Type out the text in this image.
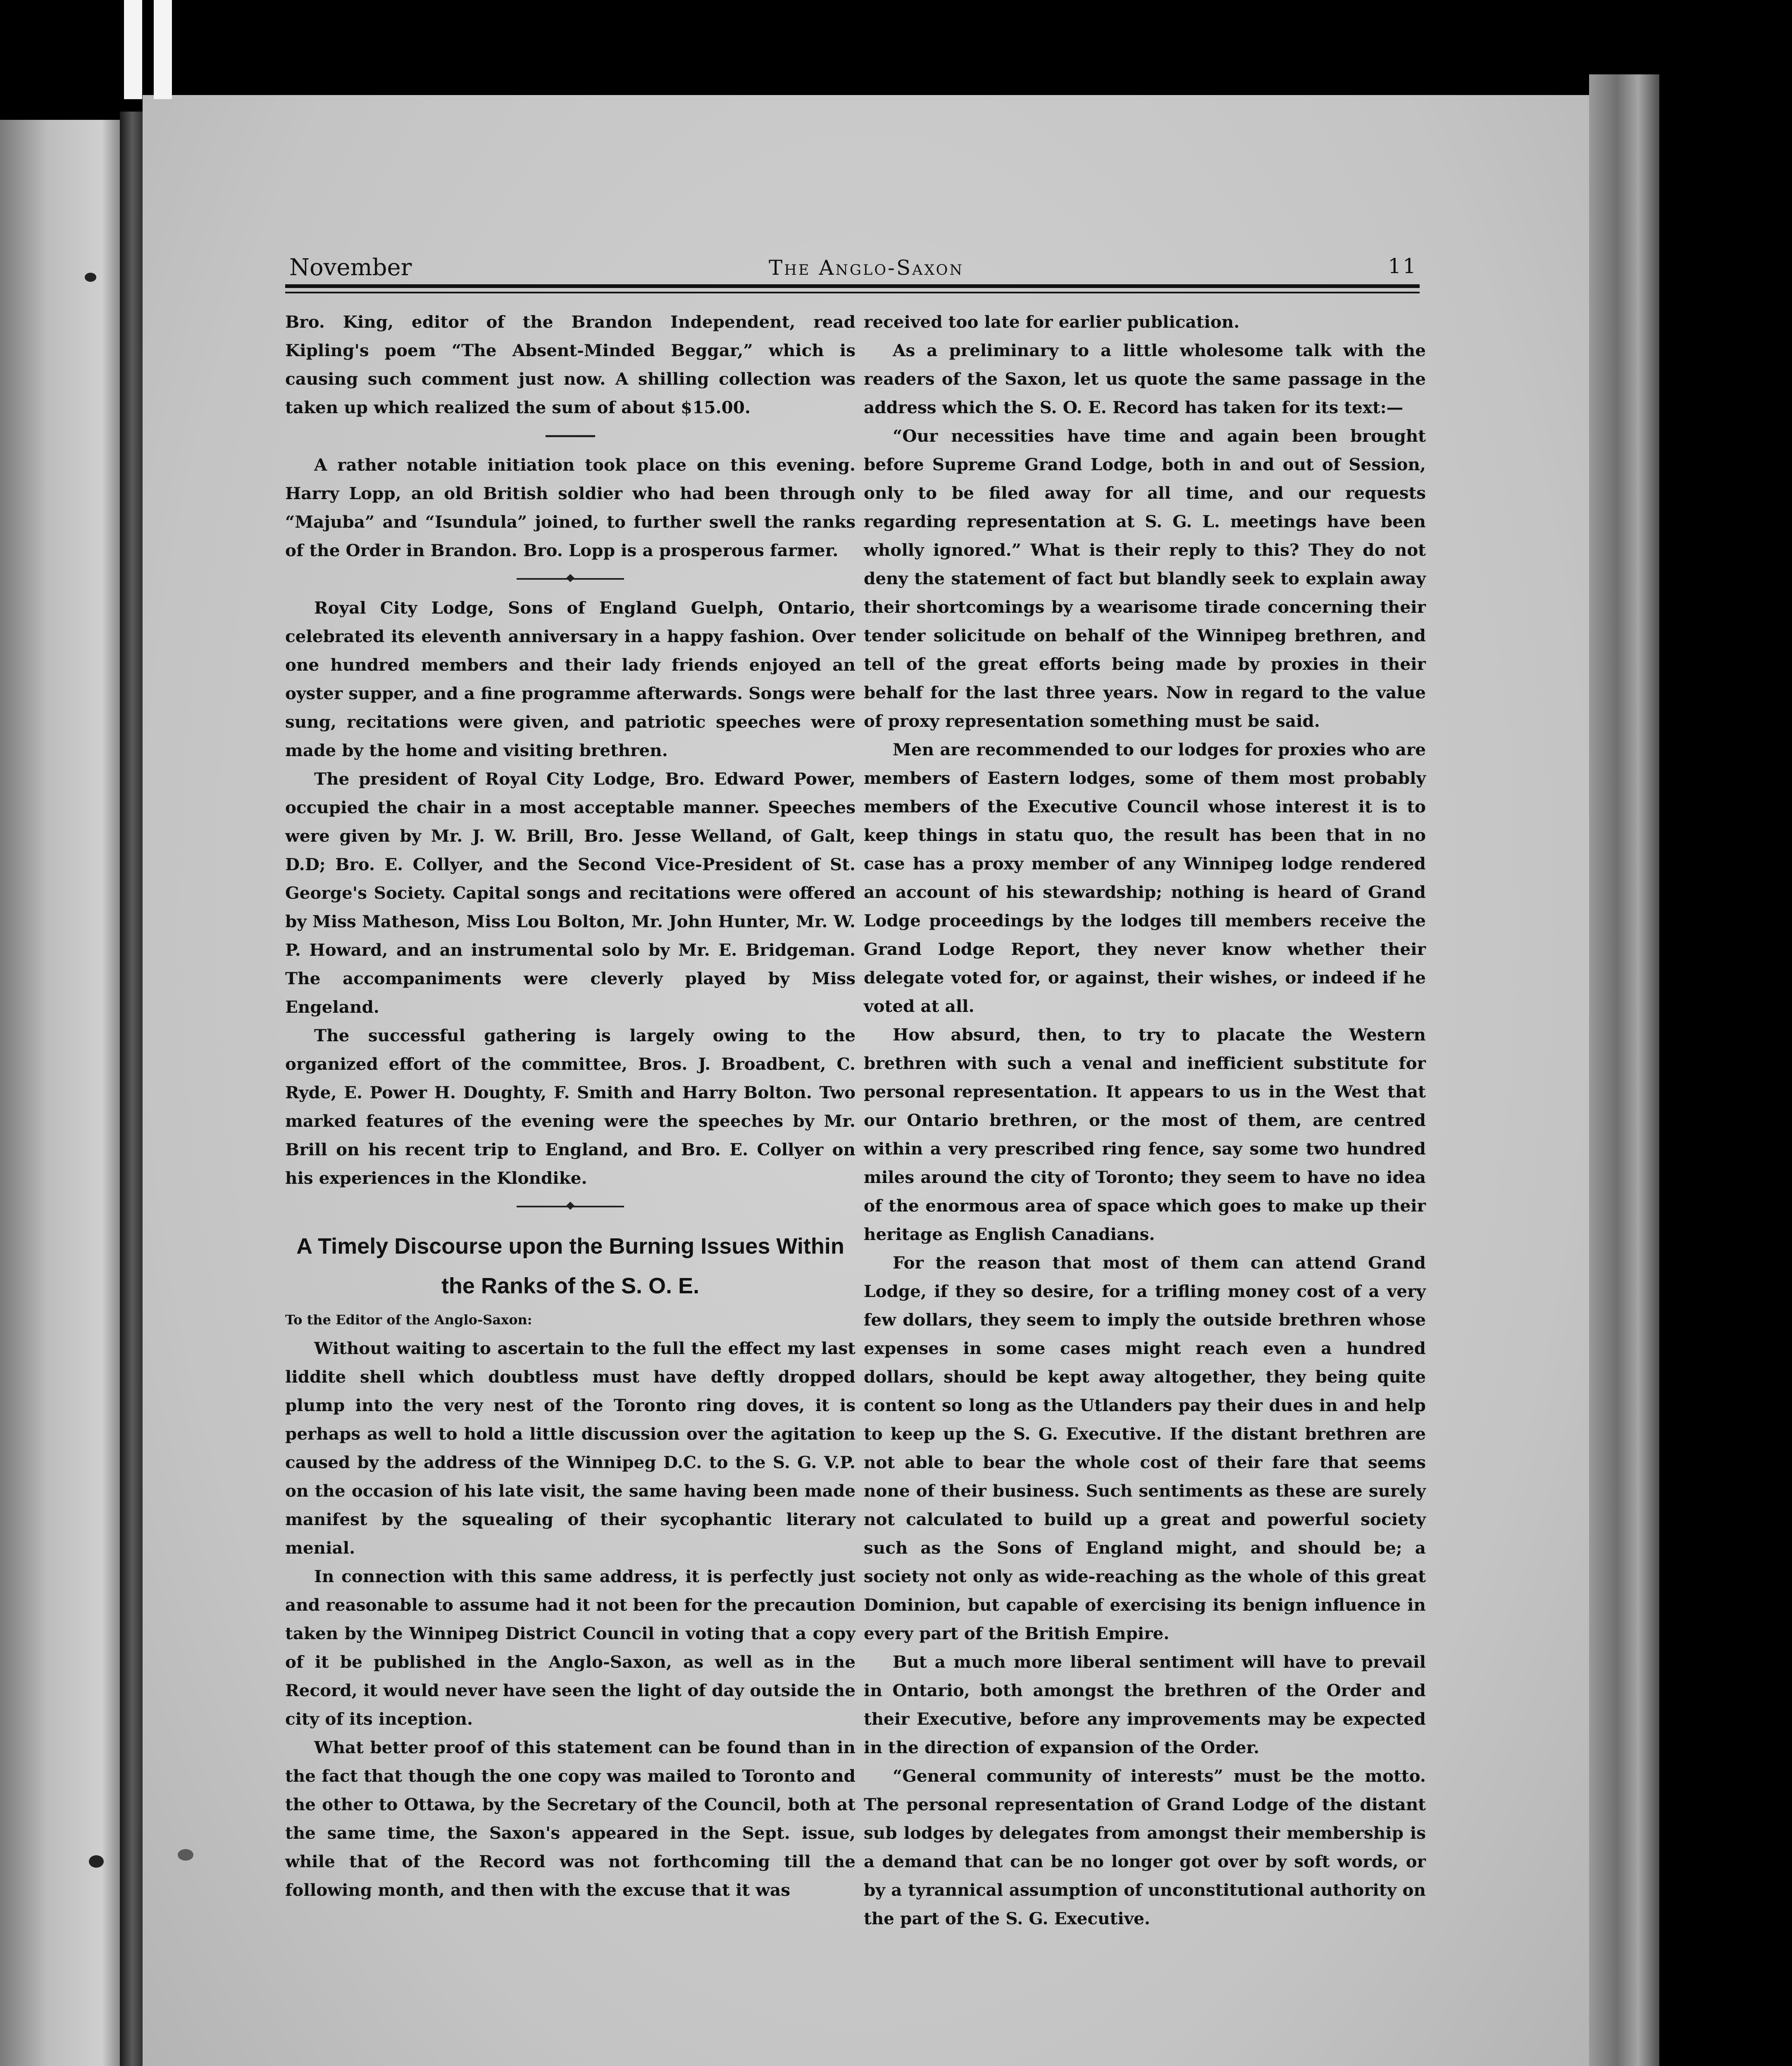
November	The Anglo-Saxon	11

Bro. King, editor of the Brandon Independent, read Kipling's poem “The Absent-Minded Beggar,” which is causing such comment just now. A shilling collection was taken up which realized the sum of about $15.00.

A rather notable initiation took place on this evening. Harry Lopp, an old British soldier who had been through “Majuba” and “Isundula” joined, to further swell the ranks of the Order in Brandon. Bro. Lopp is a prosperous farmer.

Royal City Lodge, Sons of England Guelph, Ontario, celebrated its eleventh anniversary in a happy fashion. Over one hundred members and their lady friends enjoyed an oyster supper, and a fine programme afterwards. Songs were sung, recitations were given, and patriotic speeches were made by the home and visiting brethren.

The president of Royal City Lodge, Bro. Edward Power, occupied the chair in a most acceptable manner. Speeches were given by Mr. J. W. Brill, Bro. Jesse Welland, of Galt, D.D; Bro. E. Collyer, and the Second Vice-President of St. George's Society. Capital songs and recitations were offered by Miss Matheson, Miss Lou Bolton, Mr. John Hunter, Mr. W. P. Howard, and an instrumental solo by Mr. E. Bridgeman. The accompaniments were cleverly played by Miss Engeland.

The successful gathering is largely owing to the organized effort of the committee, Bros. J. Broadbent, C. Ryde, E. Power H. Doughty, F. Smith and Harry Bolton. Two marked features of the evening were the speeches by Mr. Brill on his recent trip to England, and Bro. E. Collyer on his experiences in the Klondike.

A Timely Discourse upon the Burning Issues Within the Ranks of the S. O. E.

To the Editor of the Anglo-Saxon:

Without waiting to ascertain to the full the effect my last liddite shell which doubtless must have deftly dropped plump into the very nest of the Toronto ring doves, it is perhaps as well to hold a little discussion over the agitation caused by the address of the Winnipeg D.C. to the S. G. V.P. on the occasion of his late visit, the same having been made manifest by the squealing of their sycophantic literary menial.

In connection with this same address, it is perfectly just and reasonable to assume had it not been for the precaution taken by the Winnipeg District Council in voting that a copy of it be published in the Anglo-Saxon, as well as in the Record, it would never have seen the light of day outside the city of its inception.

What better proof of this statement can be found than in the fact that though the one copy was mailed to Toronto and the other to Ottawa, by the Secretary of the Council, both at the same time, the Saxon's appeared in the Sept. issue, while that of the Record was not forthcoming till the following month, and then with the excuse that it was

received too late for earlier publication.

As a preliminary to a little wholesome talk with the readers of the Saxon, let us quote the same passage in the address which the S. O. E. Record has taken for its text:—

“Our necessities have time and again been brought before Supreme Grand Lodge, both in and out of Session, only to be filed away for all time, and our requests regarding representation at S. G. L. meetings have been wholly ignored.” What is their reply to this? They do not deny the statement of fact but blandly seek to explain away their shortcomings by a wearisome tirade concerning their tender solicitude on behalf of the Winnipeg brethren, and tell of the great efforts being made by proxies in their behalf for the last three years. Now in regard to the value of proxy representation something must be said.

Men are recommended to our lodges for proxies who are members of Eastern lodges, some of them most probably members of the Executive Council whose interest it is to keep things in statu quo, the result has been that in no case has a proxy member of any Winnipeg lodge rendered an account of his stewardship; nothing is heard of Grand Lodge proceedings by the lodges till members receive the Grand Lodge Report, they never know whether their delegate voted for, or against, their wishes, or indeed if he voted at all.

How absurd, then, to try to placate the Western brethren with such a venal and inefficient substitute for personal representation. It appears to us in the West that our Ontario brethren, or the most of them, are centred within a very prescribed ring fence, say some two hundred miles around the city of Toronto; they seem to have no idea of the enormous area of space which goes to make up their heritage as English Canadians.

For the reason that most of them can attend Grand Lodge, if they so desire, for a trifling money cost of a very few dollars, they seem to imply the outside brethren whose expenses in some cases might reach even a hundred dollars, should be kept away altogether, they being quite content so long as the Utlanders pay their dues in and help to keep up the S. G. Executive. If the distant brethren are not able to bear the whole cost of their fare that seems none of their business. Such sentiments as these are surely not calculated to build up a great and powerful society such as the Sons of England might, and should be; a society not only as wide-reaching as the whole of this great Dominion, but capable of exercising its benign influence in every part of the British Empire.

But a much more liberal sentiment will have to prevail in Ontario, both amongst the brethren of the Order and their Executive, before any improvements may be expected in the direction of expansion of the Order.

“General community of interests” must be the motto. The personal representation of Grand Lodge of the distant sub lodges by delegates from amongst their membership is a demand that can be no longer got over by soft words, or by a tyrannical assumption of unconstitutional authority on the part of the S. G. Executive.
